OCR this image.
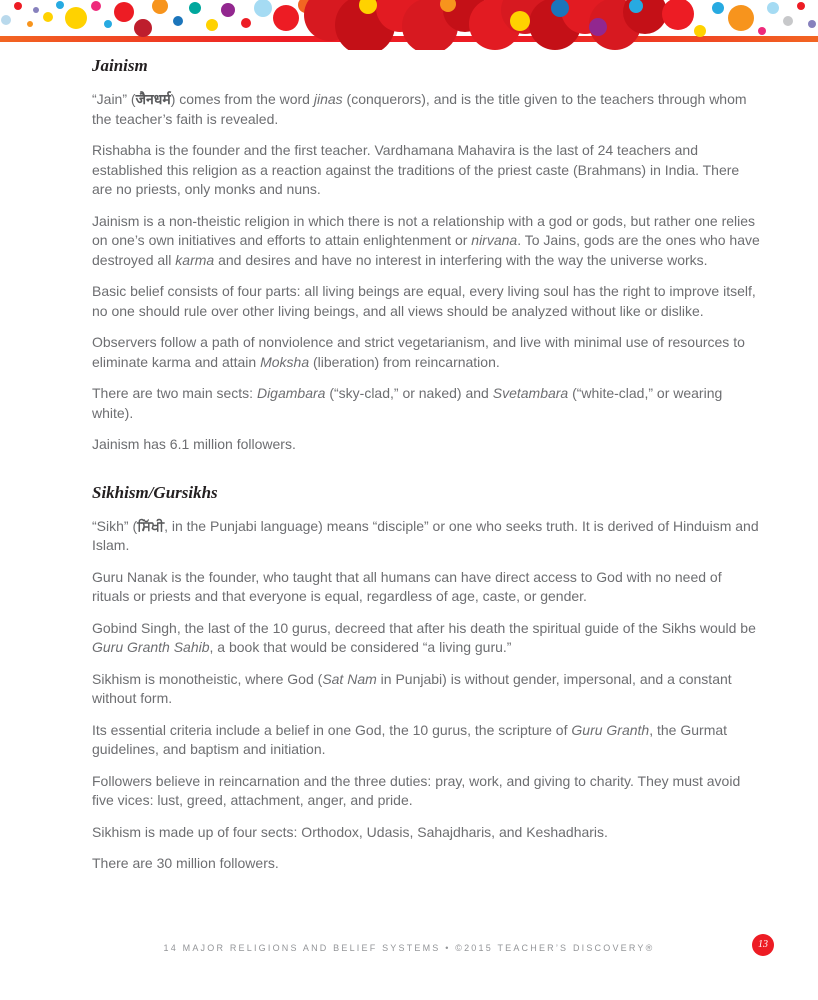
Jainism

“Jain” (जैनधर्म) comes from the word jinas (conquerors), and is the title given to the teachers through whom the teacher’s faith is revealed.

Rishabha is the founder and the first teacher. Vardhamana Mahavira is the last of 24 teachers and established this religion as a reaction against the traditions of the priest caste (Brahmans) in India. There are no priests, only monks and nuns.

Jainism is a non-theistic religion in which there is not a relationship with a god or gods, but rather one relies on one’s own initiatives and efforts to attain enlightenment or nirvana. To Jains, gods are the ones who have destroyed all karma and desires and have no interest in interfering with the way the universe works.

Basic belief consists of four parts: all living beings are equal, every living soul has the right to improve itself, no one should rule over other living beings, and all views should be analyzed without like or dislike.

Observers follow a path of nonviolence and strict vegetarianism, and live with minimal use of resources to eliminate karma and attain Moksha (liberation) from reincarnation.

There are two main sects: Digambara (“sky-clad,” or naked) and Svetambara (“white-clad,” or wearing white).

Jainism has 6.1 million followers.

Sikhism/Gursikhs

“Sikh” (ਸਿੱਖੀ, in the Punjabi language) means “disciple” or one who seeks truth. It is derived of Hinduism and Islam.

Guru Nanak is the founder, who taught that all humans can have direct access to God with no need of rituals or priests and that everyone is equal, regardless of age, caste, or gender.

Gobind Singh, the last of the 10 gurus, decreed that after his death the spiritual guide of the Sikhs would be Guru Granth Sahib, a book that would be considered “a living guru.”

Sikhism is monotheistic, where God (Sat Nam in Punjabi) is without gender, impersonal, and a constant without form.

Its essential criteria include a belief in one God, the 10 gurus, the scripture of Guru Granth, the Gurmat guidelines, and baptism and initiation.

Followers believe in reincarnation and the three duties: pray, work, and giving to charity. They must avoid five vices: lust, greed, attachment, anger, and pride.

Sikhism is made up of four sects: Orthodox, Udasis, Sahajdharis, and Keshadharis.

There are 30 million followers.

14 MAJOR RELIGIONS AND BELIEF SYSTEMS • ©2015 TEACHER’S DISCOVERY®	13
